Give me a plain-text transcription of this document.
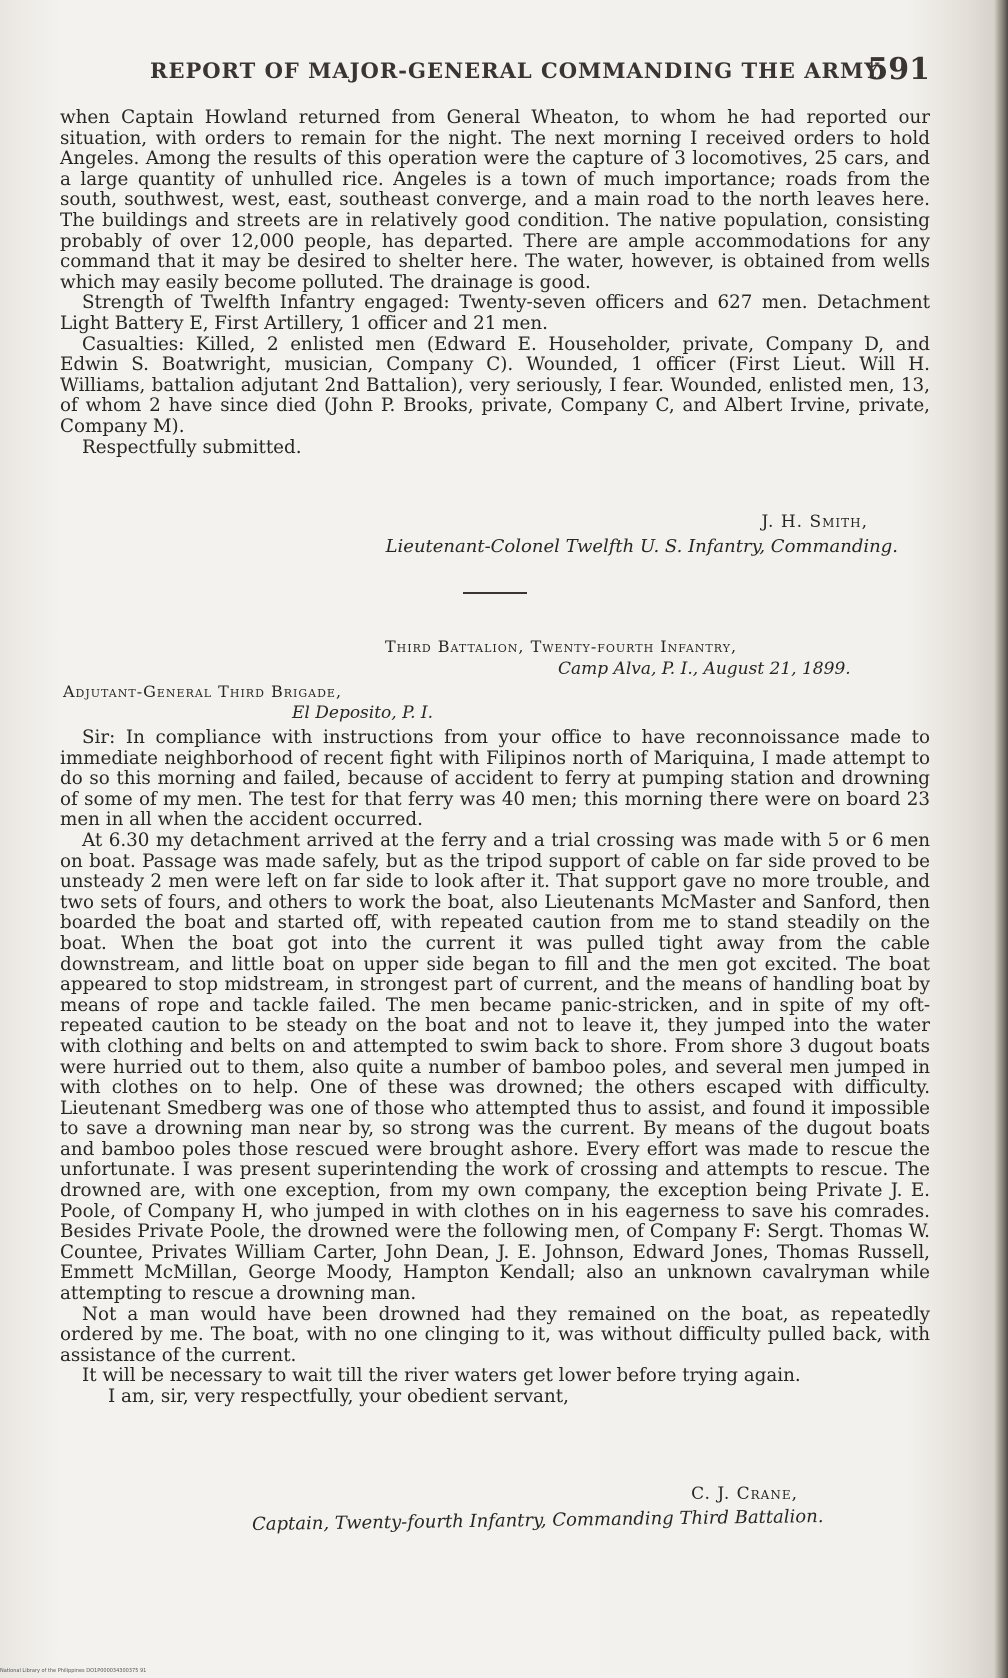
REPORT OF MAJOR-GENERAL COMMANDING THE ARMY.
591

when Captain Howland returned from General Wheaton, to whom he had reported our situation, with orders to remain for the night. The next morning I received orders to hold Angeles. Among the results of this operation were the capture of 3 locomotives, 25 cars, and a large quantity of unhulled rice. Angeles is a town of much importance; roads from the south, southwest, west, east, southeast converge, and a main road to the north leaves here. The buildings and streets are in relatively good condition. The native population, consisting probably of over 12,000 people, has departed. There are ample accommodations for any command that it may be desired to shelter here. The water, however, is obtained from wells which may easily become polluted. The drainage is good.

Strength of Twelfth Infantry engaged: Twenty-seven officers and 627 men. Detachment Light Battery E, First Artillery, 1 officer and 21 men.

Casualties: Killed, 2 enlisted men (Edward E. Householder, private, Company D, and Edwin S. Boatwright, musician, Company C). Wounded, 1 officer (First Lieut. Will H. Williams, battalion adjutant 2nd Battalion), very seriously, I fear. Wounded, enlisted men, 13, of whom 2 have since died (John P. Brooks, private, Company C, and Albert Irvine, private, Company M).

Respectfully submitted.

J. H. Smith,
Lieutenant-Colonel Twelfth U. S. Infantry, Commanding.
Third Battalion, Twenty-fourth Infantry,
Camp Alva, P. I., August 21, 1899.
Adjutant-General Third Brigade,
El Deposito, P. I.

Sir: In compliance with instructions from your office to have reconnoissance made to immediate neighborhood of recent fight with Filipinos north of Mariquina, I made attempt to do so this morning and failed, because of accident to ferry at pumping station and drowning of some of my men. The test for that ferry was 40 men; this morning there were on board 23 men in all when the accident occurred.

At 6.30 my detachment arrived at the ferry and a trial crossing was made with 5 or 6 men on boat. Passage was made safely, but as the tripod support of cable on far side proved to be unsteady 2 men were left on far side to look after it. That support gave no more trouble, and two sets of fours, and others to work the boat, also Lieutenants McMaster and Sanford, then boarded the boat and started off, with repeated caution from me to stand steadily on the boat. When the boat got into the current it was pulled tight away from the cable downstream, and little boat on upper side began to fill and the men got excited. The boat appeared to stop midstream, in strongest part of current, and the means of handling boat by means of rope and tackle failed. The men became panic-stricken, and in spite of my oft-repeated caution to be steady on the boat and not to leave it, they jumped into the water with clothing and belts on and attempted to swim back to shore. From shore 3 dugout boats were hurried out to them, also quite a number of bamboo poles, and several men jumped in with clothes on to help. One of these was drowned; the others escaped with difficulty. Lieutenant Smedberg was one of those who attempted thus to assist, and found it impossible to save a drowning man near by, so strong was the current. By means of the dugout boats and bamboo poles those rescued were brought ashore. Every effort was made to rescue the unfortunate. I was present superintending the work of crossing and attempts to rescue. The drowned are, with one exception, from my own company, the exception being Private J. E. Poole, of Company H, who jumped in with clothes on in his eagerness to save his comrades. Besides Private Poole, the drowned were the following men, of Company F: Sergt. Thomas W. Countee, Privates William Carter, John Dean, J. E. Johnson, Edward Jones, Thomas Russell, Emmett McMillan, George Moody, Hampton Kendall; also an unknown cavalryman while attempting to rescue a drowning man.

Not a man would have been drowned had they remained on the boat, as repeatedly ordered by me. The boat, with no one clinging to it, was without difficulty pulled back, with assistance of the current.

It will be necessary to wait till the river waters get lower before trying again.

I am, sir, very respectfully, your obedient servant,

C. J. Crane,
Captain, Twenty-fourth Infantry, Commanding Third Battalion.
National Library of the Philippines DO1P000034300375 91
